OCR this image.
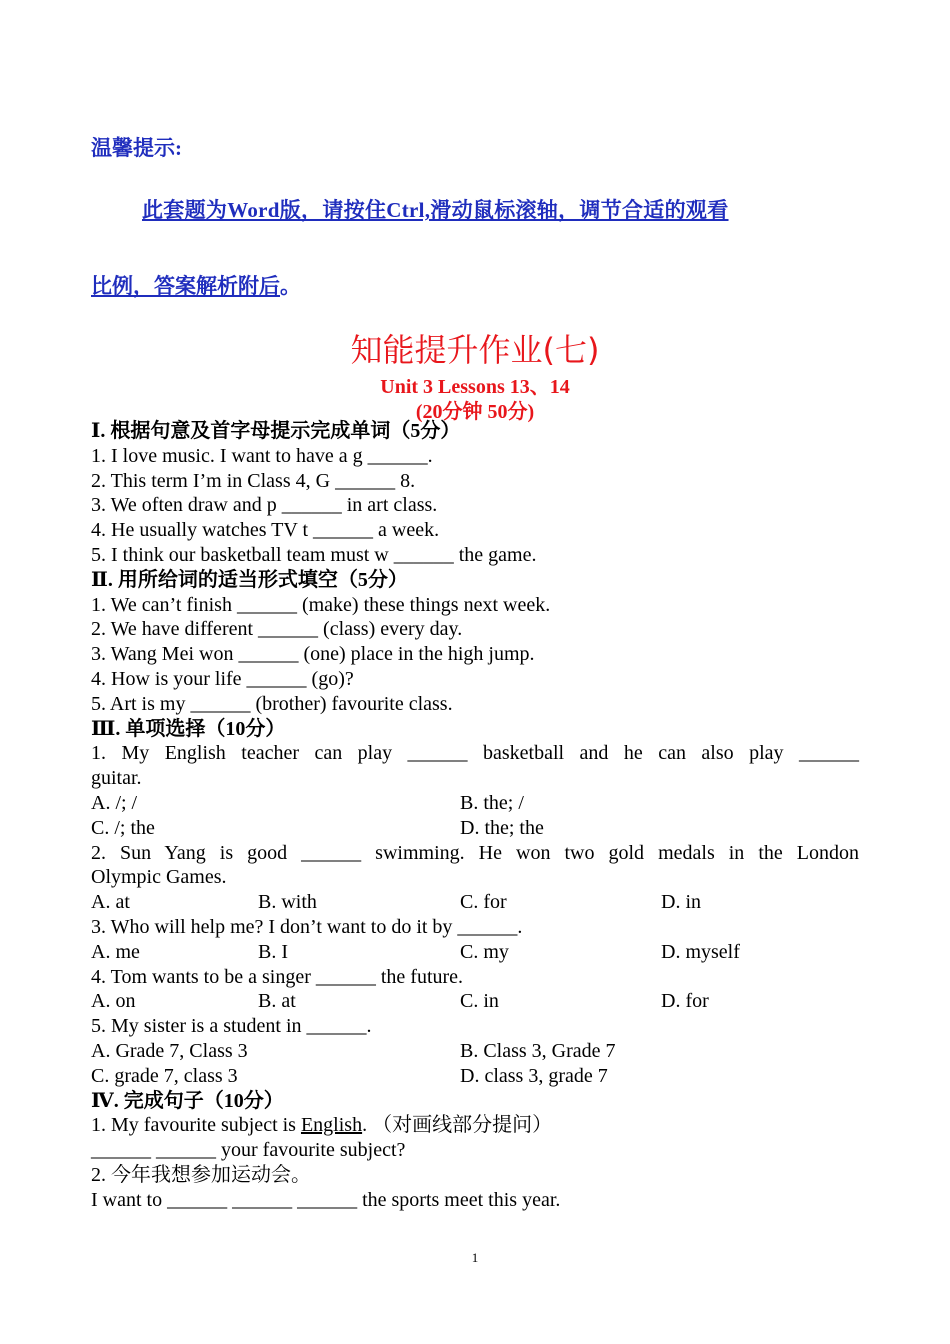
温馨提示:
此套题为Word版，请按住Ctrl,滑动鼠标滚轴，调节合适的观看
比例，答案解析附后。
知能提升作业(七)
Unit 3 Lessons 13、14
(20分钟 50分)
Ⅰ. 根据句意及首字母提示完成单词（5分）
1. I love music. I want to have a g ______.
2. This term I’m in Class 4, G ______ 8.
3. We often draw and p ______ in art class.
4. He usually watches TV t ______ a week.
5. I think our basketball team must w ______ the game.
Ⅱ. 用所给词的适当形式填空（5分）
1. We can’t finish ______ (make) these things next week.
2. We have different ______ (class) every day.
3. Wang Mei won ______ (one) place in the high jump.
4. How is your life ______ (go)?
5. Art is my ______ (brother) favourite class.
Ⅲ. 单项选择（10分）
1. My English teacher can play ______ basketball and he can also play ______
guitar.
A. /; /	B. the; /
C. /; the	D. the; the
2. Sun Yang is good ______ swimming. He won two gold medals in the London
Olympic Games.
A. at	B. with	C. for	D. in
3. Who will help me? I don’t want to do it by ______.
A. me	B. I	C. my	D. myself
4. Tom wants to be a singer ______ the future.
A. on	B. at	C. in	D. for
5. My sister is a student in ______.
A. Grade 7, Class 3	B. Class 3, Grade 7
C. grade 7, class 3	D. class 3, grade 7
Ⅳ. 完成句子（10分）
1. My favourite subject is English. （对画线部分提问）
______ ______ your favourite subject?
2. 今年我想参加运动会。
I want to ______ ______ ______ the sports meet this year.
1
